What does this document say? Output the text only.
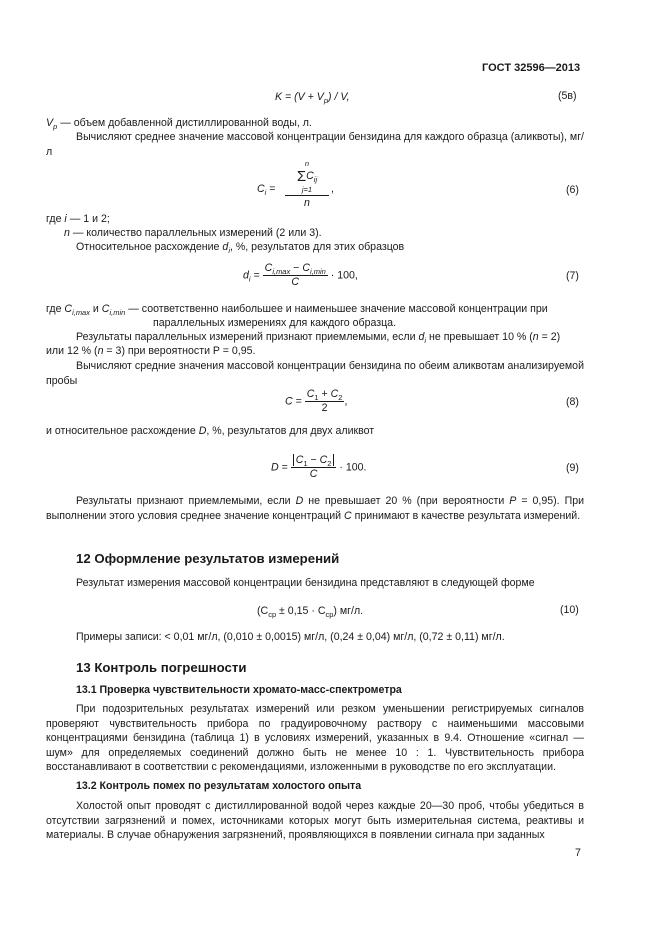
ГОСТ 32596—2013
$K = (V + V_p) / V$,	(5в)
$V_p$ — объем добавленной дистиллированной воды, л.
Вычисляют среднее значение массовой концентрации бензидина для каждого образца (аликвоты), мг/л
$C_i$ =
n
$\Sigma C_{ij}$
j=1
n
,	(6)
где i — 1 и 2;
n — количество параллельных измерений (2 или 3).
Относительное расхождение $d_i$, %, результатов для этих образцов
$d_i = \frac{C_{i,max} - C_{i,min}}{C} \cdot 100$,	(7)
где $C_{i,max}$ и $C_{i,min}$ — соответственно наибольшее и наименьшее значение массовой концентрации при
параллельных измерениях для каждого образца.
Результаты параллельных измерений признают приемлемыми, если $d_i$ не превышает 10 % (n = 2)
или 12 % (n = 3) при вероятности P = 0,95.
Вычисляют средние значения массовой концентрации бензидина по обеим аликвотам анализируемой пробы
$C = \frac{C_1 + C_2}{2}$ ,	(8)
и относительное расхождение D, %, результатов для двух аликвот
$D = \frac{C_1 - C_2}{C} \cdot 100$.	(9)
Результаты признают приемлемыми, если D не превышает 20 % (при вероятности P = 0,95). При выполнении этого условия среднее значение концентраций C принимают в качестве результата измерений.
12 Оформление результатов измерений
Результат измерения массовой концентрации бензидина представляют в следующей форме
$(C_{ср} \pm 0,15 \cdot C_{ср})$ мг/л.	(10)
Примеры записи: < 0,01 мг/л, (0,010 ± 0,0015) мг/л, (0,24 ± 0,04) мг/л, (0,72 ± 0,11) мг/л.
13 Контроль погрешности
13.1 Проверка чувствительности хромато-масс-спектрометра
При подозрительных результатах измерений или резком уменьшении регистрируемых сигналов проверяют чувствительность прибора по градуировочному раствору с наименьшими массовыми концентрациями бензидина (таблица 1) в условиях измерений, указанных в 9.4. Отношение «сигнал — шум» для определяемых соединений должно быть не менее 10 : 1. Чувствительность прибора восстанавливают в соответствии с рекомендациями, изложенными в руководстве по его эксплуатации.
13.2 Контроль помех по результатам холостого опыта
Холостой опыт проводят с дистиллированной водой через каждые 20—30 проб, чтобы убедиться в отсутствии загрязнений и помех, источниками которых могут быть измерительная система, реактивы и материалы. В случае обнаружения загрязнений, проявляющихся в появлении сигнала при заданных
7
